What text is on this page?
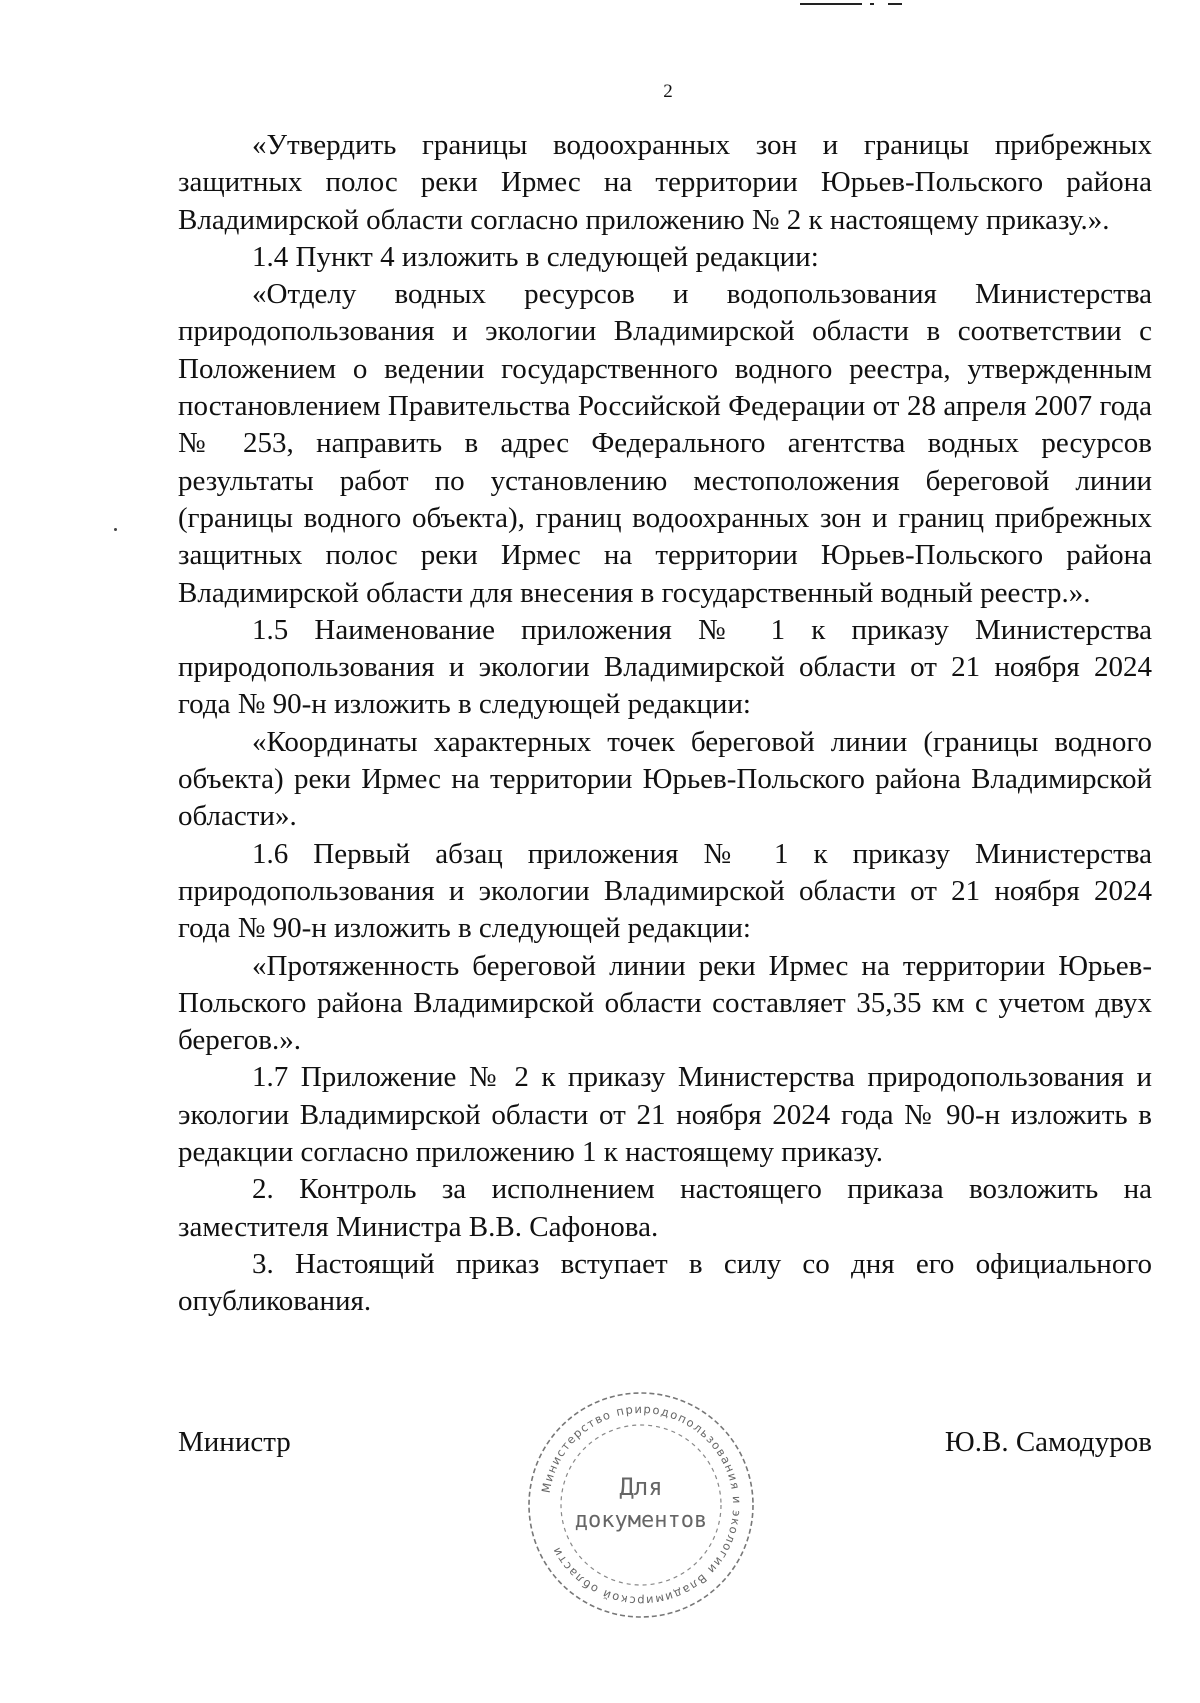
2

«Утвердить границы водоохранных зон и границы прибрежных защитных полос реки Ирмес на территории Юрьев-Польского района Владимирской области согласно приложению № 2 к настоящему приказу.».

1.4 Пункт 4 изложить в следующей редакции:

«Отделу водных ресурсов и водопользования Министерства природопользования и экологии Владимирской области в соответствии с Положением о ведении государственного водного реестра, утвержденным постановлением Правительства Российской Федерации от 28 апреля 2007 года № 253, направить в адрес Федерального агентства водных ресурсов результаты работ по установлению местоположения береговой линии (границы водного объекта), границ водоохранных зон и границ прибрежных защитных полос реки Ирмес на территории Юрьев-Польского района Владимирской области для внесения в государственный водный реестр.».

1.5 Наименование приложения № 1 к приказу Министерства природопользования и экологии Владимирской области от 21 ноября 2024 года № 90-н изложить в следующей редакции:

«Координаты характерных точек береговой линии (границы водного объекта) реки Ирмес на территории Юрьев-Польского района Владимирской области».

1.6 Первый абзац приложения № 1 к приказу Министерства природопользования и экологии Владимирской области от 21 ноября 2024 года № 90-н изложить в следующей редакции:

«Протяженность береговой линии реки Ирмес на территории Юрьев-Польского района Владимирской области составляет 35,35 км с учетом двух берегов.».

1.7 Приложение № 2 к приказу Министерства природопользования и экологии Владимирской области от 21 ноября 2024 года № 90-н изложить в редакции согласно приложению 1 к настоящему приказу.

2. Контроль за исполнением настоящего приказа возложить на заместителя Министра В.В. Сафонова.

3. Настоящий приказ вступает в силу со дня его официального опубликования.

Министр	Ю.В. Самодуров
Министерство природопользования и экологии Владимирской области
Для
документов
